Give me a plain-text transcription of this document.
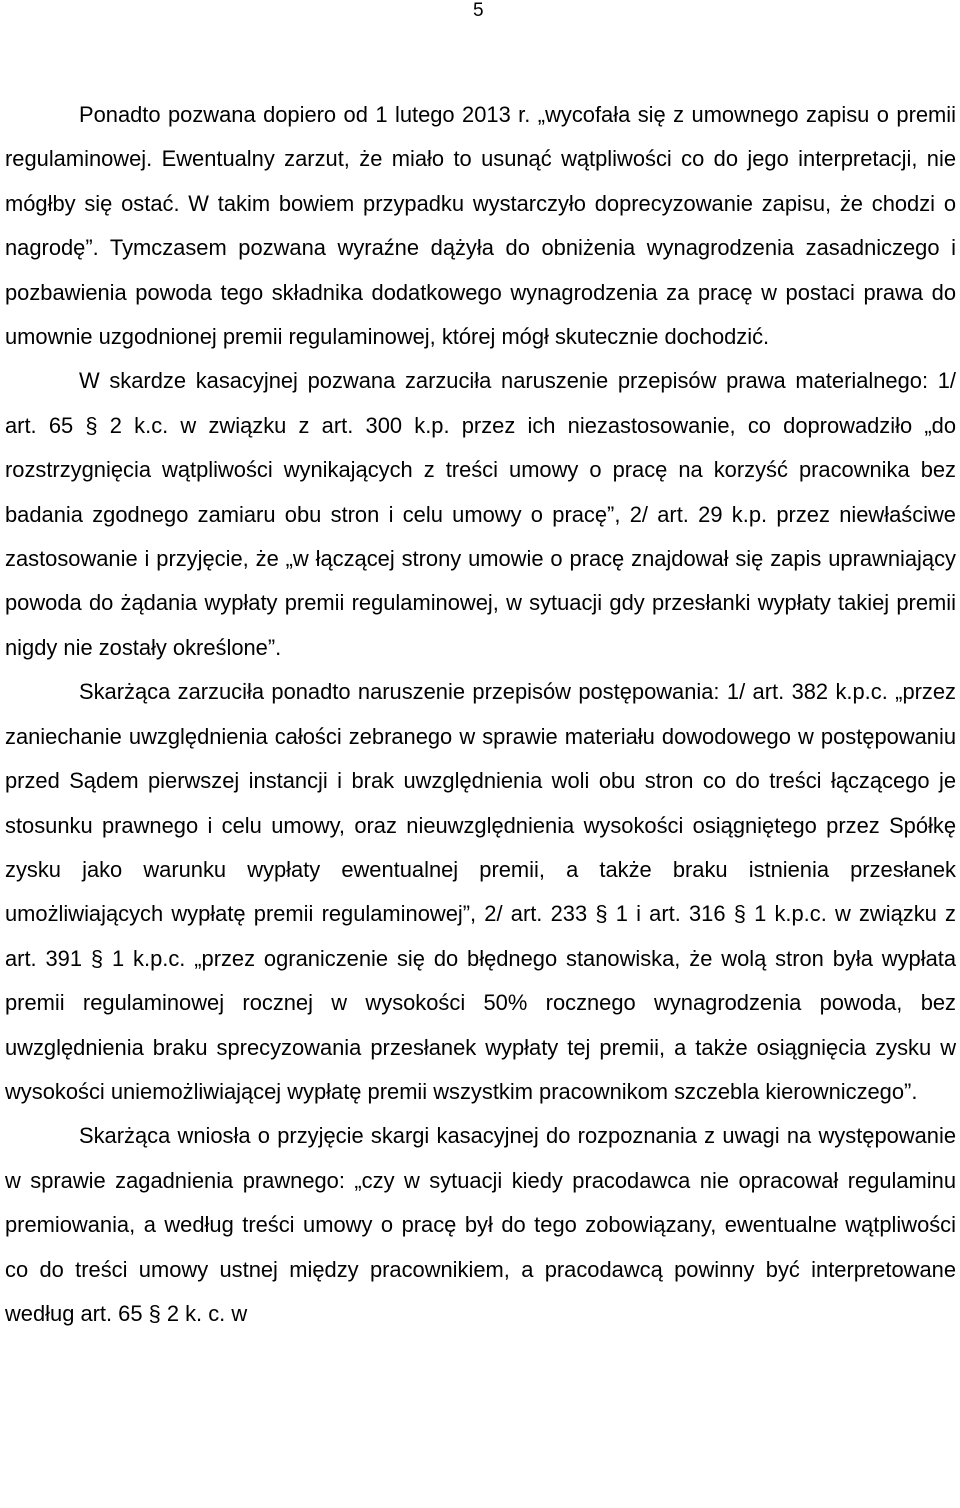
5

Ponadto pozwana dopiero od 1 lutego 2013 r. „wycofała się z umownego zapisu o premii regulaminowej. Ewentualny zarzut, że miało to usunąć wątpliwości co do jego interpretacji, nie mógłby się ostać. W takim bowiem przypadku wystarczyło doprecyzowanie zapisu, że chodzi o nagrodę”. Tymczasem pozwana wyraźne dążyła do obniżenia wynagrodzenia zasadniczego i pozbawienia powoda tego składnika dodatkowego wynagrodzenia za pracę w postaci prawa do umownie uzgodnionej premii regulaminowej, której mógł skutecznie dochodzić.

W skardze kasacyjnej pozwana zarzuciła naruszenie przepisów prawa materialnego: 1/ art. 65 § 2 k.c. w związku z art. 300 k.p. przez ich niezastosowanie, co doprowadziło „do rozstrzygnięcia wątpliwości wynikających z treści umowy o pracę na korzyść pracownika bez badania zgodnego zamiaru obu stron i celu umowy o pracę”, 2/ art. 29 k.p. przez niewłaściwe zastosowanie i przyjęcie, że „w łączącej strony umowie o pracę znajdował się zapis uprawniający powoda do żądania wypłaty premii regulaminowej, w sytuacji gdy przesłanki wypłaty takiej premii nigdy nie zostały określone”.

Skarżąca zarzuciła ponadto naruszenie przepisów postępowania: 1/ art. 382 k.p.c. „przez zaniechanie uwzględnienia całości zebranego w sprawie materiału dowodowego w postępowaniu przed Sądem pierwszej instancji i brak uwzględnienia woli obu stron co do treści łączącego je stosunku prawnego i celu umowy, oraz nieuwzględnienia wysokości osiągniętego przez Spółkę zysku jako warunku wypłaty ewentualnej premii, a także braku istnienia przesłanek umożliwiających wypłatę premii regulaminowej”, 2/ art. 233 § 1 i art. 316 § 1 k.p.c. w związku z art. 391 § 1 k.p.c. „przez ograniczenie się do błędnego stanowiska, że wolą stron była wypłata premii regulaminowej rocznej w wysokości 50% rocznego wynagrodzenia powoda, bez uwzględnienia braku sprecyzowania przesłanek wypłaty tej premii, a także osiągnięcia zysku w wysokości uniemożliwiającej wypłatę premii wszystkim pracownikom szczebla kierowniczego”.

Skarżąca wniosła o przyjęcie skargi kasacyjnej do rozpoznania z uwagi na występowanie w sprawie zagadnienia prawnego: „czy w sytuacji kiedy pracodawca nie opracował regulaminu premiowania, a według treści umowy o pracę był do tego zobowiązany, ewentualne wątpliwości co do treści umowy ustnej między pracownikiem, a pracodawcą powinny być interpretowane według art. 65 § 2 k. c. w
